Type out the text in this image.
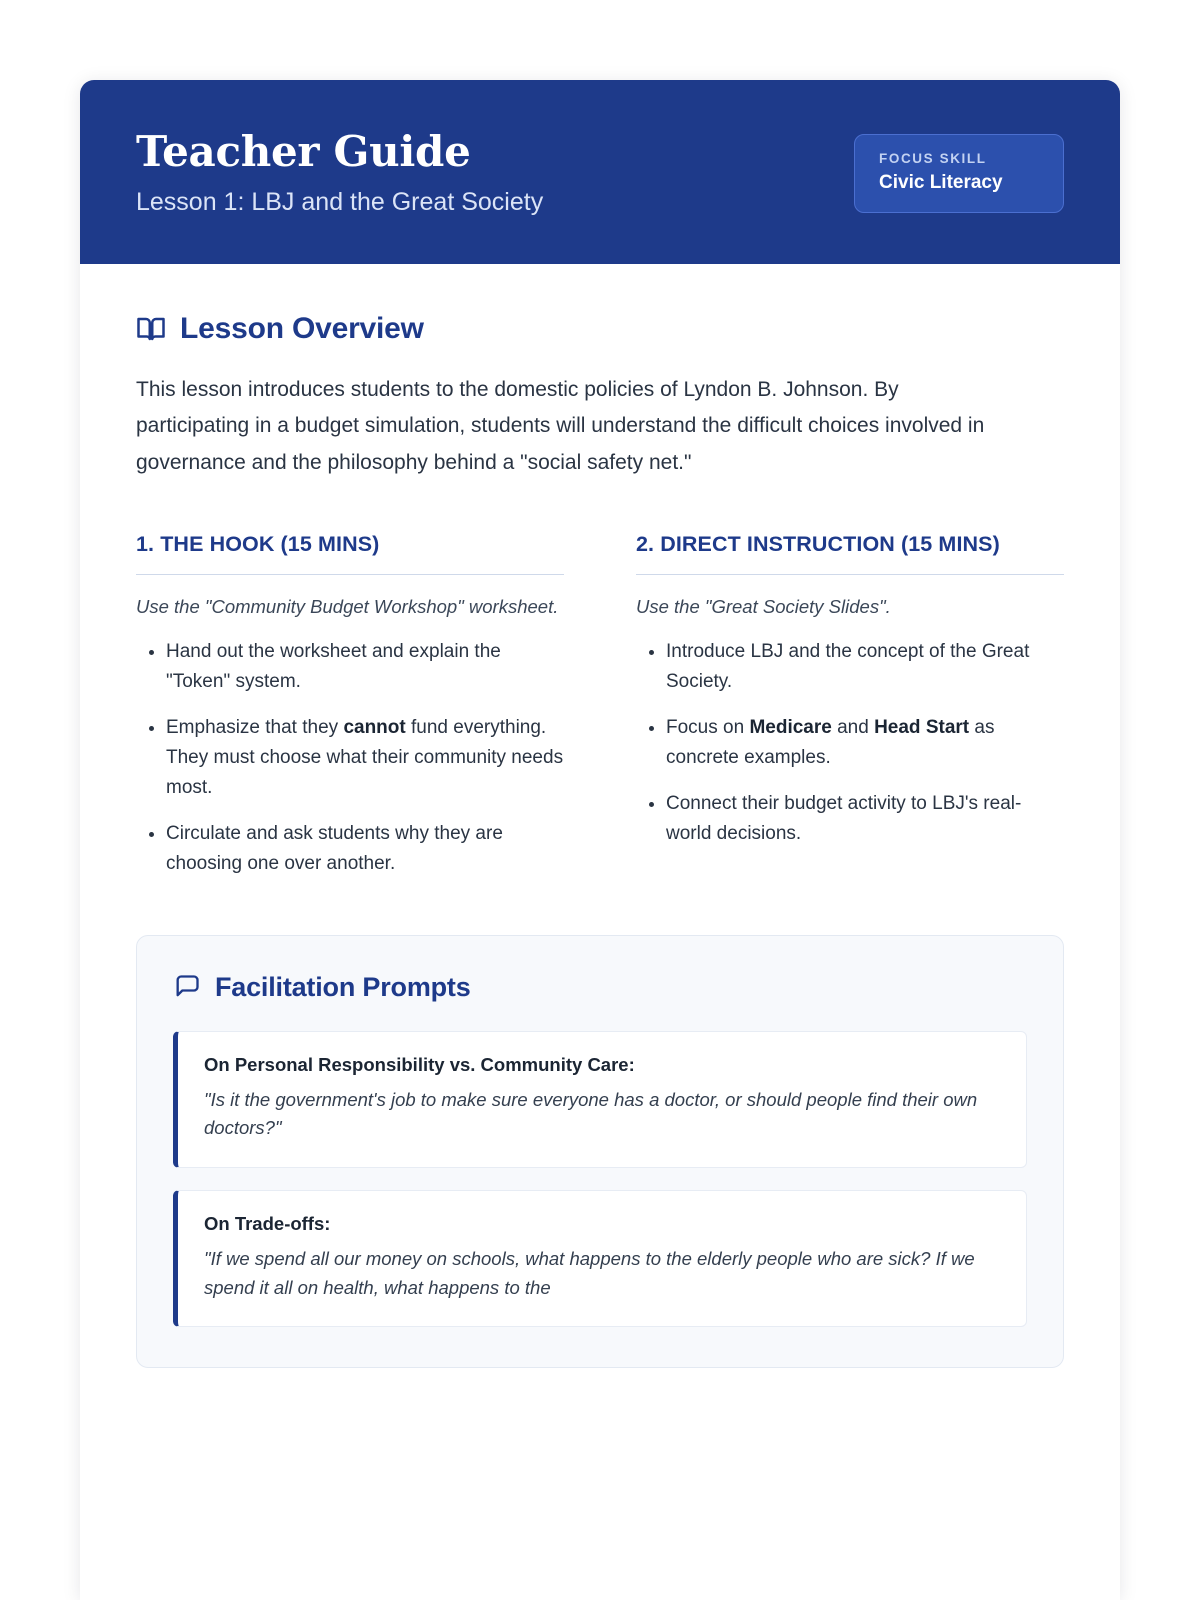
Teacher Guide
Lesson 1: LBJ and the Great Society
FOCUS SKILL
Civic Literacy
Lesson Overview

This lesson introduces students to the domestic policies of Lyndon B. Johnson. By participating in a budget simulation, students will understand the difficult choices involved in governance and the philosophy behind a "social safety net."

1. THE HOOK (15 MINS)
Use the "Community Budget Workshop" worksheet.
• Hand out the worksheet and explain the "Token" system.
• Emphasize that they cannot fund everything. They must choose what their community needs most.
• Circulate and ask students why they are choosing one over another.
2. DIRECT INSTRUCTION (15 MINS)
Use the "Great Society Slides".
• Introduce LBJ and the concept of the Great Society.
• Focus on Medicare and Head Start as concrete examples.
• Connect their budget activity to LBJ's real-world decisions.
Facilitation Prompts
On Personal Responsibility vs. Community Care:
"Is it the government's job to make sure everyone has a doctor, or should people find their own doctors?"
On Trade-offs:
"If we spend all our money on schools, what happens to the elderly people who are sick? If we spend it all on health, what happens to the
